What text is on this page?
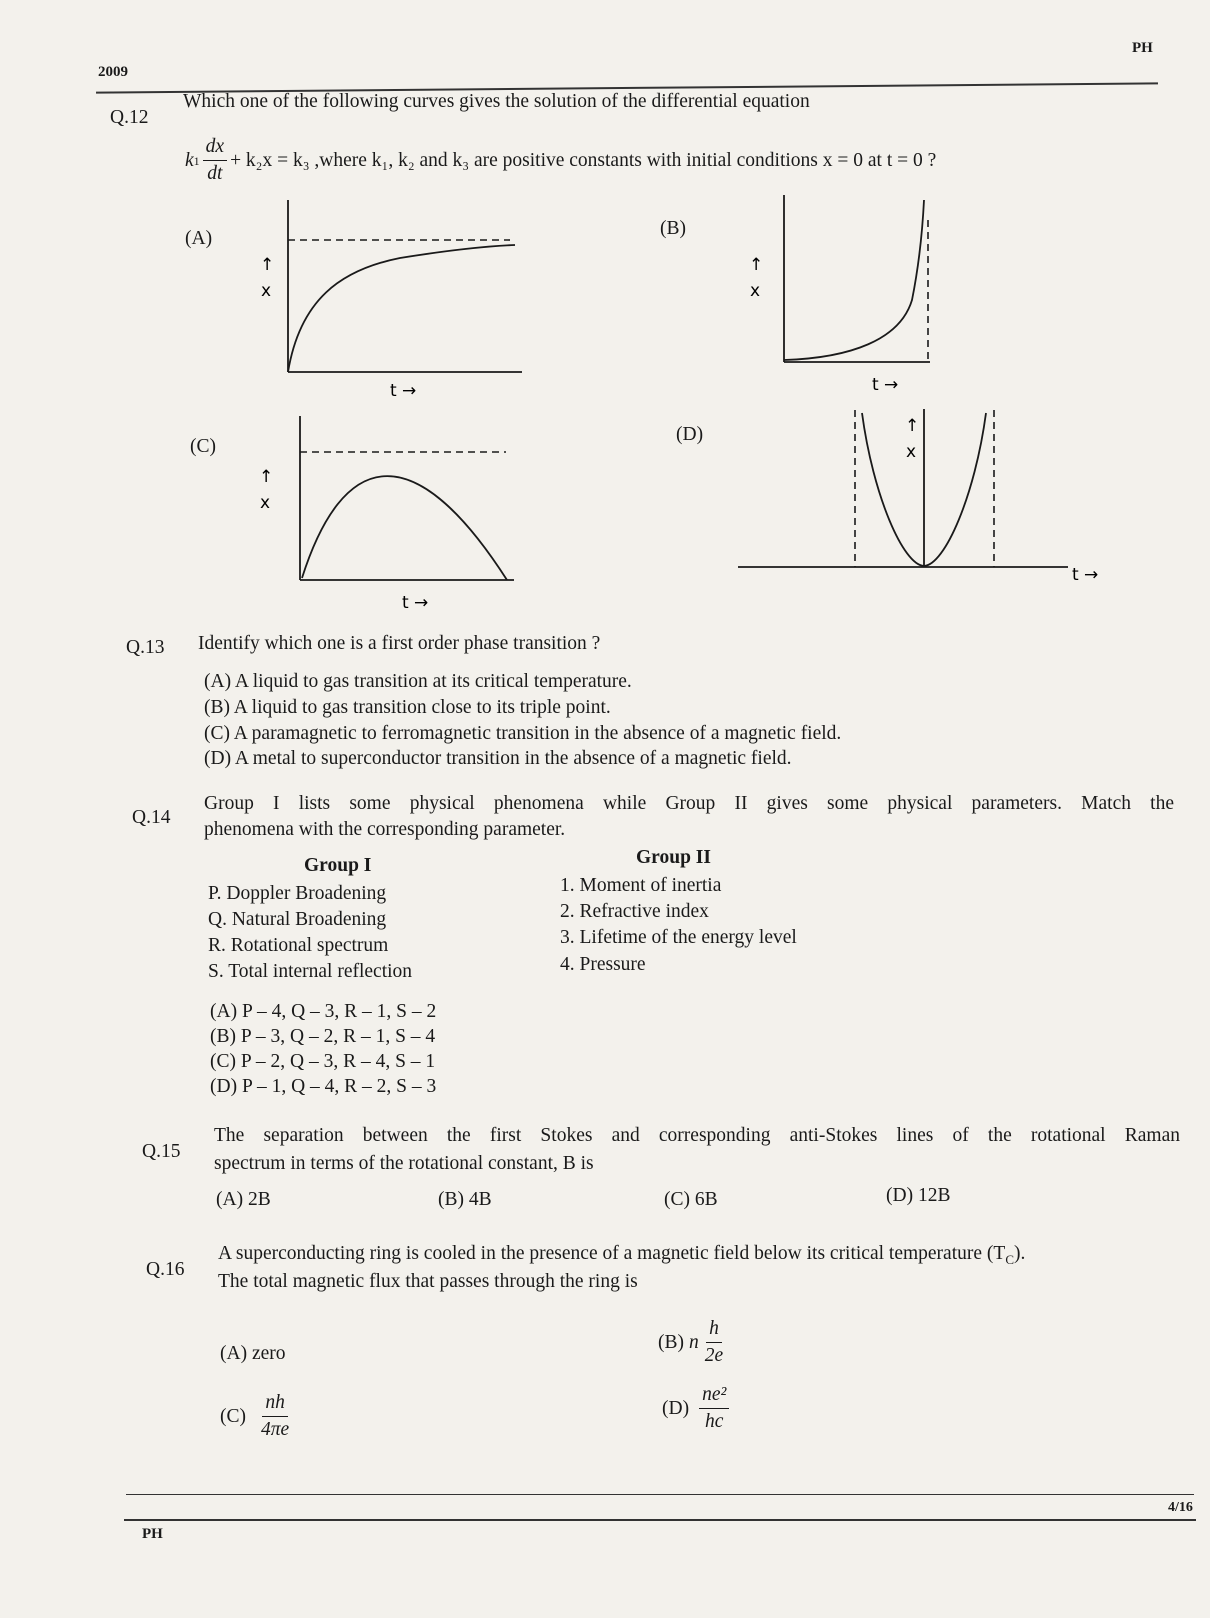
PH
2009
Q.12
Which one of the following curves gives the solution of the differential equation
k $1 \frac{dx}{dt} + k_2x = k_3$ ,where k₁, k₂ and k₃ are positive constants with initial conditions x = 0 at t = 0 ?
(A)
↑
x
t →
(B)
↑
x
t →
(C)
↑
x
t →
(D)	↑
x
t →
Q.13 Identify which one is a first order phase transition ?
(A) A liquid to gas transition at its critical temperature.
(B) A liquid to gas transition close to its triple point.
(C) A paramagnetic to ferromagnetic transition in the absence of a magnetic field.
(D) A metal to superconductor transition in the absence of a magnetic field.
Q.14
Group I lists some physical phenomena while Group II gives some physical parameters. Match the
phenomena with the corresponding parameter.
Group I	Group II
P. Doppler Broadening
Q. Natural Broadening
R. Rotational spectrum
S. Total internal reflection
1. Moment of inertia
2. Refractive index
3. Lifetime of the energy level
4. Pressure
(A) P – 4, Q – 3, R – 1, S – 2
(B) P – 3, Q – 2, R – 1, S – 4
(C) P – 2, Q – 3, R – 4, S – 1
(D) P – 1, Q – 4, R – 2, S – 3
Q.15
The separation between the first Stokes and corresponding anti-Stokes lines of the rotational Raman
spectrum in terms of the rotational constant, B is
(A) 2B	(B) 4B	(C) 6B	(D) 12B
Q.16
A superconducting ring is cooled in the presence of a magnetic field below its critical temperature $(T_C)$.
The total magnetic flux that passes through the ring is
(A) zero
(B) n $\frac{h}{2e}$
$(C) \frac{nh}{4\pi e}$	$(D) \frac{\text{ne²}}{hc}$
4/16
PH
